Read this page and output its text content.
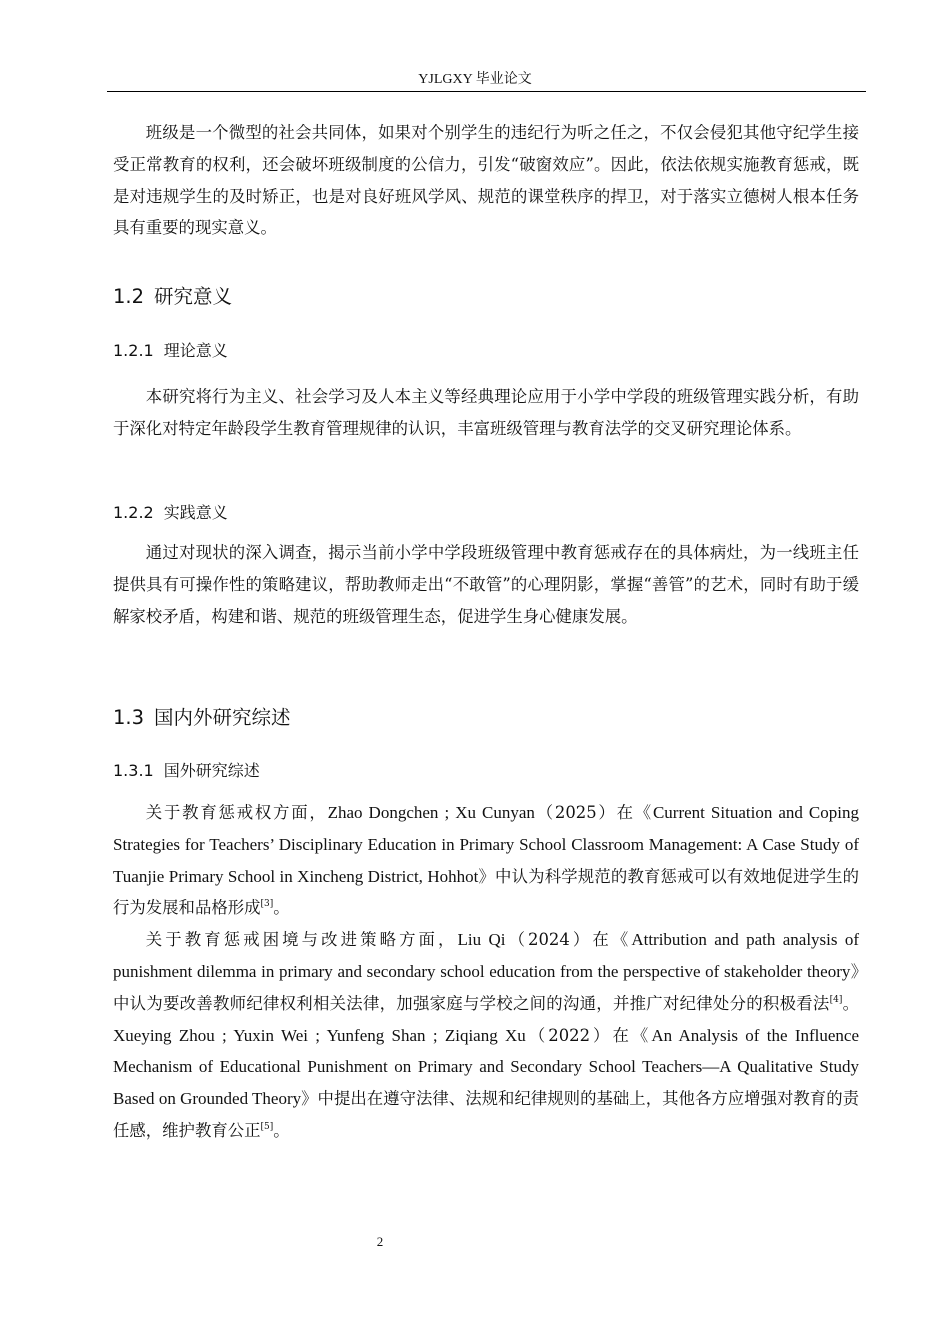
YJLGXY 毕业论文

班级是一个微型的社会共同体，如果对个别学生的违纪行为听之任之，不仅会侵犯其他守纪学生接受正常教育的权利，还会破坏班级制度的公信力，引发“破窗效应”。因此，依法依规实施教育惩戒，既是对违规学生的及时矫正，也是对良好班风学风、规范的课堂秩序的捍卫，对于落实立德树人根本任务具有重要的现实意义。

1.2 研究意义
1.2.1 理论意义

本研究将行为主义、社会学习及人本主义等经典理论应用于小学中学段的班级管理实践分析，有助于深化对特定年龄段学生教育管理规律的认识，丰富班级管理与教育法学的交叉研究理论体系。

1.2.2 实践意义

通过对现状的深入调查，揭示当前小学中学段班级管理中教育惩戒存在的具体病灶，为一线班主任提供具有可操作性的策略建议，帮助教师走出“不敢管”的心理阴影，掌握“善管”的艺术，同时有助于缓解家校矛盾，构建和谐、规范的班级管理生态，促进学生身心健康发展。

1.3 国内外研究综述
1.3.1 国外研究综述

关于教育惩戒权方面，Zhao Dongchen ; Xu Cunyan（2025）在《Current Situation and Coping Strategies for Teachers’ Disciplinary Education in Primary School Classroom Management: A Case Study of Tuanjie Primary School in Xincheng District, Hohhot》中认为科学规范的教育惩戒可以有效地促进学生的行为发展和品格形成[3]。

关于教育惩戒困境与改进策略方面，Liu Qi（2024）在《Attribution and path analysis of punishment dilemma in primary and secondary school education from the perspective of stakeholder theory》中认为要改善教师纪律权利相关法律，加强家庭与学校之间的沟通，并推广对纪律处分的积极看法[4]。Xueying Zhou ; Yuxin Wei ; Yunfeng Shan ; Ziqiang Xu（2022）在《An Analysis of the Influence Mechanism of Educational Punishment on Primary and Secondary School Teachers—A Qualitative Study Based on Grounded Theory》中提出在遵守法律、法规和纪律规则的基础上，其他各方应增强对教育的责任感，维护教育公正[5]。

2
